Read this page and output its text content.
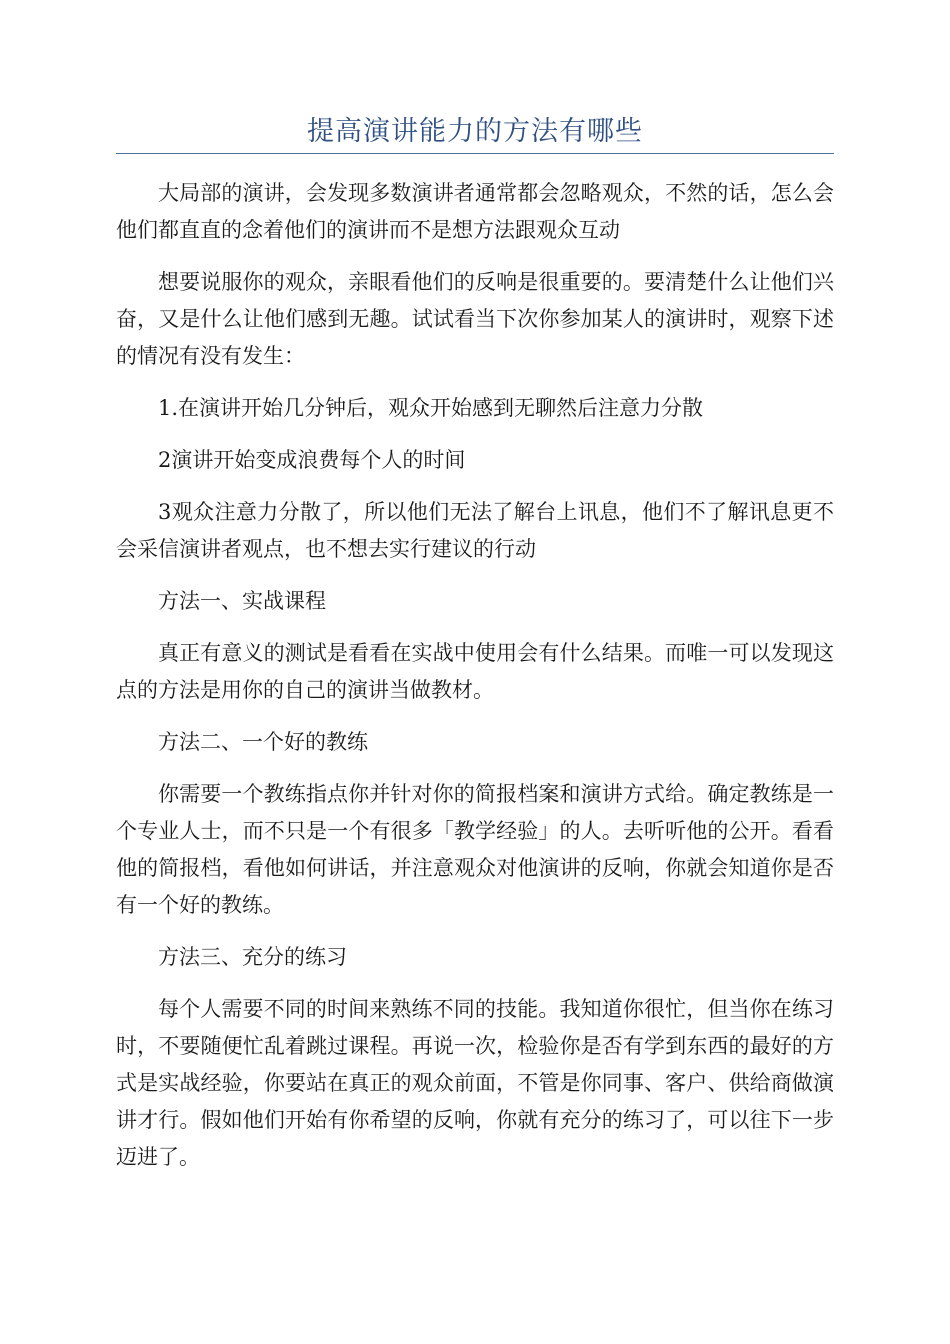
提高演讲能力的方法有哪些

大局部的演讲，会发现多数演讲者通常都会忽略观众，不然的话，怎么会他们都直直的念着他们的演讲而不是想方法跟观众互动

想要说服你的观众，亲眼看他们的反响是很重要的。要清楚什么让他们兴奋，又是什么让他们感到无趣。试试看当下次你参加某人的演讲时，观察下述的情况有没有发生：

1.在演讲开始几分钟后，观众开始感到无聊然后注意力分散

2演讲开始变成浪费每个人的时间

3观众注意力分散了，所以他们无法了解台上讯息，他们不了解讯息更不会采信演讲者观点，也不想去实行建议的行动

方法一、实战课程

真正有意义的测试是看看在实战中使用会有什么结果。而唯一可以发现这点的方法是用你的自己的演讲当做教材。

方法二、一个好的教练

你需要一个教练指点你并针对你的简报档案和演讲方式给。确定教练是一个专业人士，而不只是一个有很多「教学经验」的人。去听听他的公开。看看他的简报档，看他如何讲话，并注意观众对他演讲的反响，你就会知道你是否有一个好的教练。

方法三、充分的练习

每个人需要不同的时间来熟练不同的技能。我知道你很忙，但当你在练习时，不要随便忙乱着跳过课程。再说一次，检验你是否有学到东西的最好的方式是实战经验，你要站在真正的观众前面，不管是你同事、客户、供给商做演讲才行。假如他们开始有你希望的反响，你就有充分的练习了，可以往下一步迈进了。
